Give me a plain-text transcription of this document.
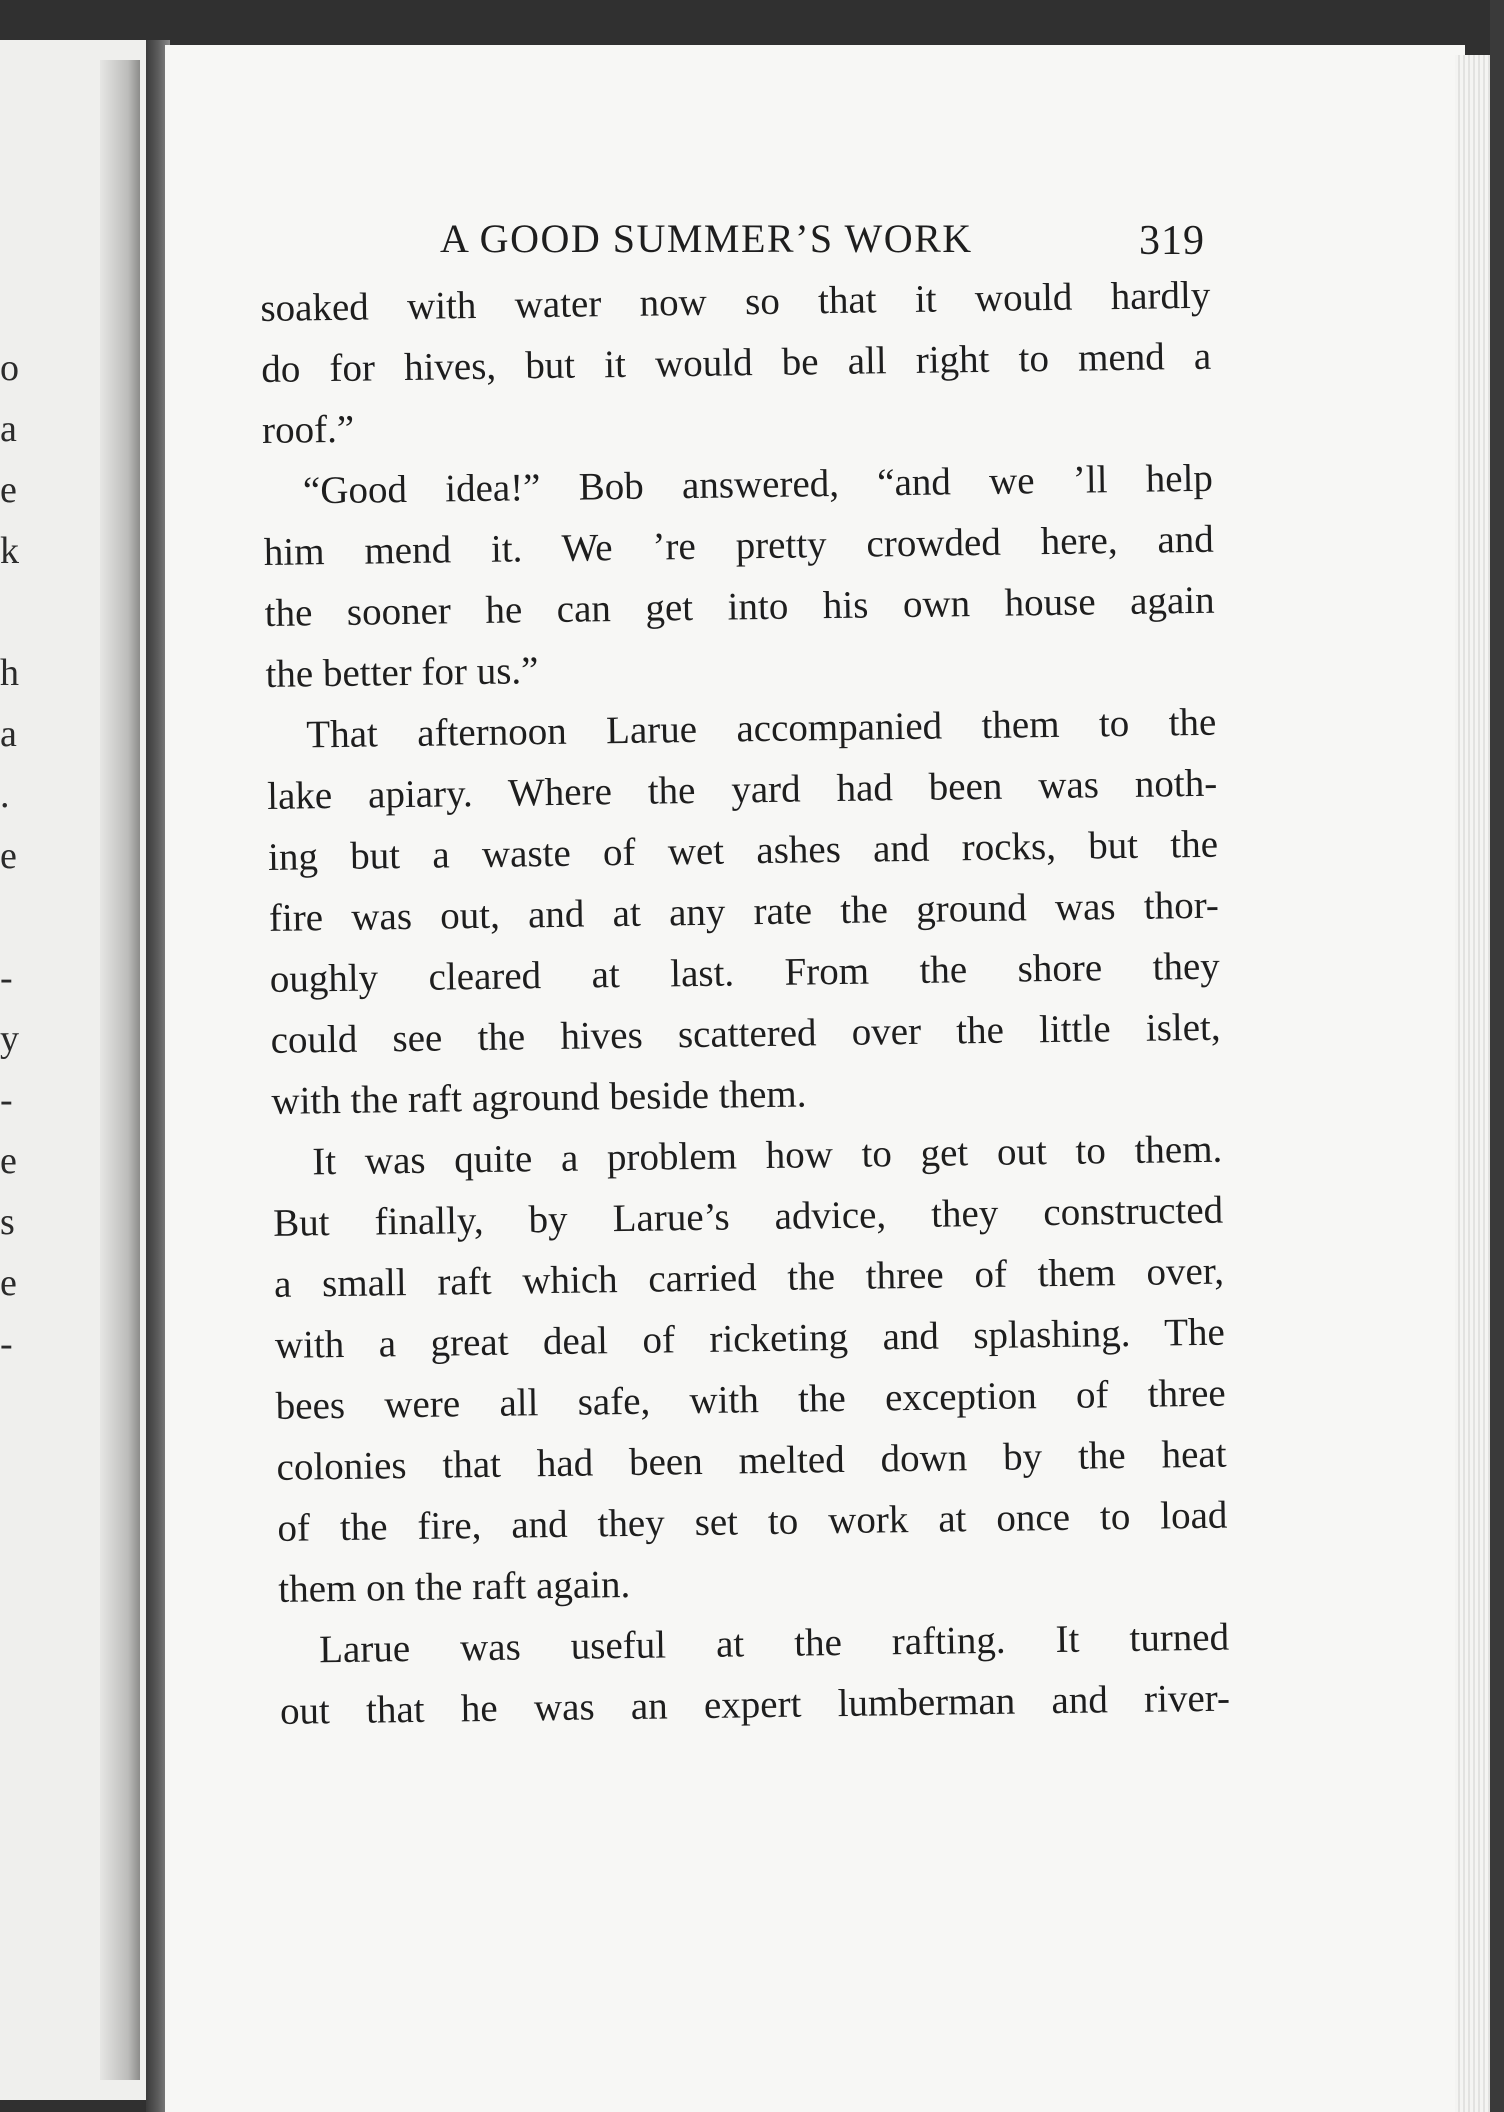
o
a
e
k
h
a
.
e
-
y
-
e
s
e
-
A GOOD SUMMER’S WORK	319
soaked with water now so that it would hardly
do for hives, but it would be all right to mend a
roof.”
“Good idea!” Bob answered, “and we ’ll help
him mend it. We ’re pretty crowded here, and
the sooner he can get into his own house again
the better for us.”
That afternoon Larue accompanied them to the
lake apiary. Where the yard had been was noth-
ing but a waste of wet ashes and rocks, but the
fire was out, and at any rate the ground was thor-
oughly cleared at last. From the shore they
could see the hives scattered over the little islet,
with the raft aground beside them.
It was quite a problem how to get out to them.
But finally, by Larue’s advice, they constructed
a small raft which carried the three of them over,
with a great deal of ricketing and splashing. The
bees were all safe, with the exception of three
colonies that had been melted down by the heat
of the fire, and they set to work at once to load
them on the raft again.
Larue was useful at the rafting. It turned
out that he was an expert lumberman and river-
